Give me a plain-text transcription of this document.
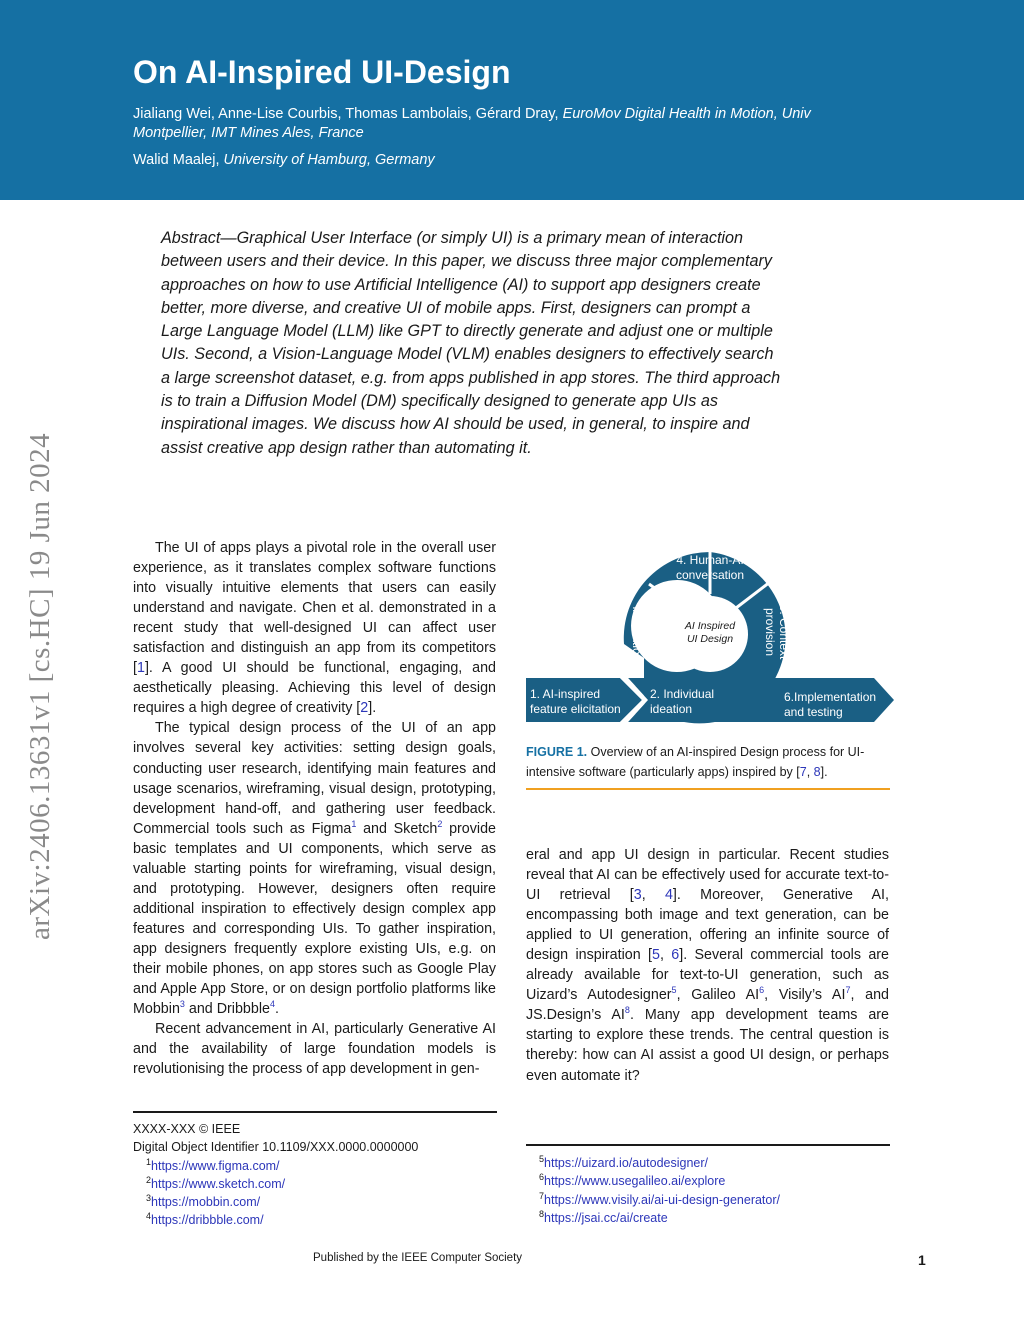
On AI-Inspired UI-Design
Jialiang Wei, Anne-Lise Courbis, Thomas Lambolais, Gérard Dray, EuroMov Digital Health in Motion, Univ Montpellier, IMT Mines Ales, France
Walid Maalej, University of Hamburg, Germany
arXiv:2406.13631v1 [cs.HC] 19 Jun 2024
Abstract—Graphical User Interface (or simply UI) is a primary mean of interaction between users and their device. In this paper, we discuss three major complementary approaches on how to use Artificial Intelligence (AI) to support app designers create better, more diverse, and creative UI of mobile apps. First, designers can prompt a Large Language Model (LLM) like GPT to directly generate and adjust one or multiple UIs. Second, a Vision-Language Model (VLM) enables designers to effectively search a large screenshot dataset, e.g. from apps published in app stores. The third approach is to train a Diffusion Model (DM) specifically designed to generate app UIs as inspirational images. We discuss how AI should be used, in general, to inspire and assist creative app design rather than automating it.

The UI of apps plays a pivotal role in the overall user experience, as it translates complex software functions into visually intuitive elements that users can easily understand and navigate. Chen et al. demonstrated in a recent study that well-designed UI can affect user satisfaction and distinguish an app from its competitors [1]. A good UI should be functional, engaging, and aesthetically pleasing. Achieving this level of design requires a high degree of creativity [2].

The typical design process of the UI of an app involves several key activities: setting design goals, conducting user research, identifying main features and usage scenarios, wireframing, visual design, prototyping, development hand-off, and gathering user feedback. Commercial tools such as Figma$^1$ and Sketch$^2$ provide basic templates and UI components, which serve as valuable starting points for wireframing, visual design, and prototyping. However, designers often require additional inspiration to effectively design complex app features and corresponding UIs. To gather inspiration, app designers frequently explore existing UIs, e.g. on their mobile phones, on app stores such as Google Play and Apple App Store, or on design portfolio platforms like Mobbin$^3$ and Dribbble$^4$.

Recent advancement in AI, particularly Generative AI and the availability of large foundation models is revolutionising the process of app development in gen-

AI Inspired
UI Design
4. Human-AI
conversation
3. Context
provision
5. Team
incubation
1. AI-inspired
feature elicitation
2. Individual
ideation
6.Implementation
and testing
FIGURE 1. Overview of an AI-inspired Design process for UI-intensive software (particularly apps) inspired by [7, 8].

eral and app UI design in particular. Recent studies reveal that AI can be effectively used for accurate text-to-UI retrieval [3, 4]. Moreover, Generative AI, encompassing both image and text generation, can be applied to UI generation, offering an infinite source of design inspiration [5, 6]. Several commercial tools are already available for text-to-UI generation, such as Uizard’s Autodesigner$^5$, Galileo $AI^6$, Visily’s $AI^7$, and JS.Design’s $AI^8$. Many app development teams are starting to explore these trends. The central question is thereby: how can AI assist a good UI design, or perhaps even automate it?

XXXX-XXX © IEEE
Digital Object Identifier 10.1109/XXX.0000.0000000
$^1$https://www.figma.com/
$^2$https://www.sketch.com/
$^3$https://mobbin.com/
$^4$https://dribbble.com/
$^5$https://uizard.io/autodesigner/
$^6$https://www.usegalileo.ai/explore
$^7$https://www.visily.ai/ai-ui-design-generator/
$^8$https://jsai.cc/ai/create
Published by the IEEE Computer Society	1
